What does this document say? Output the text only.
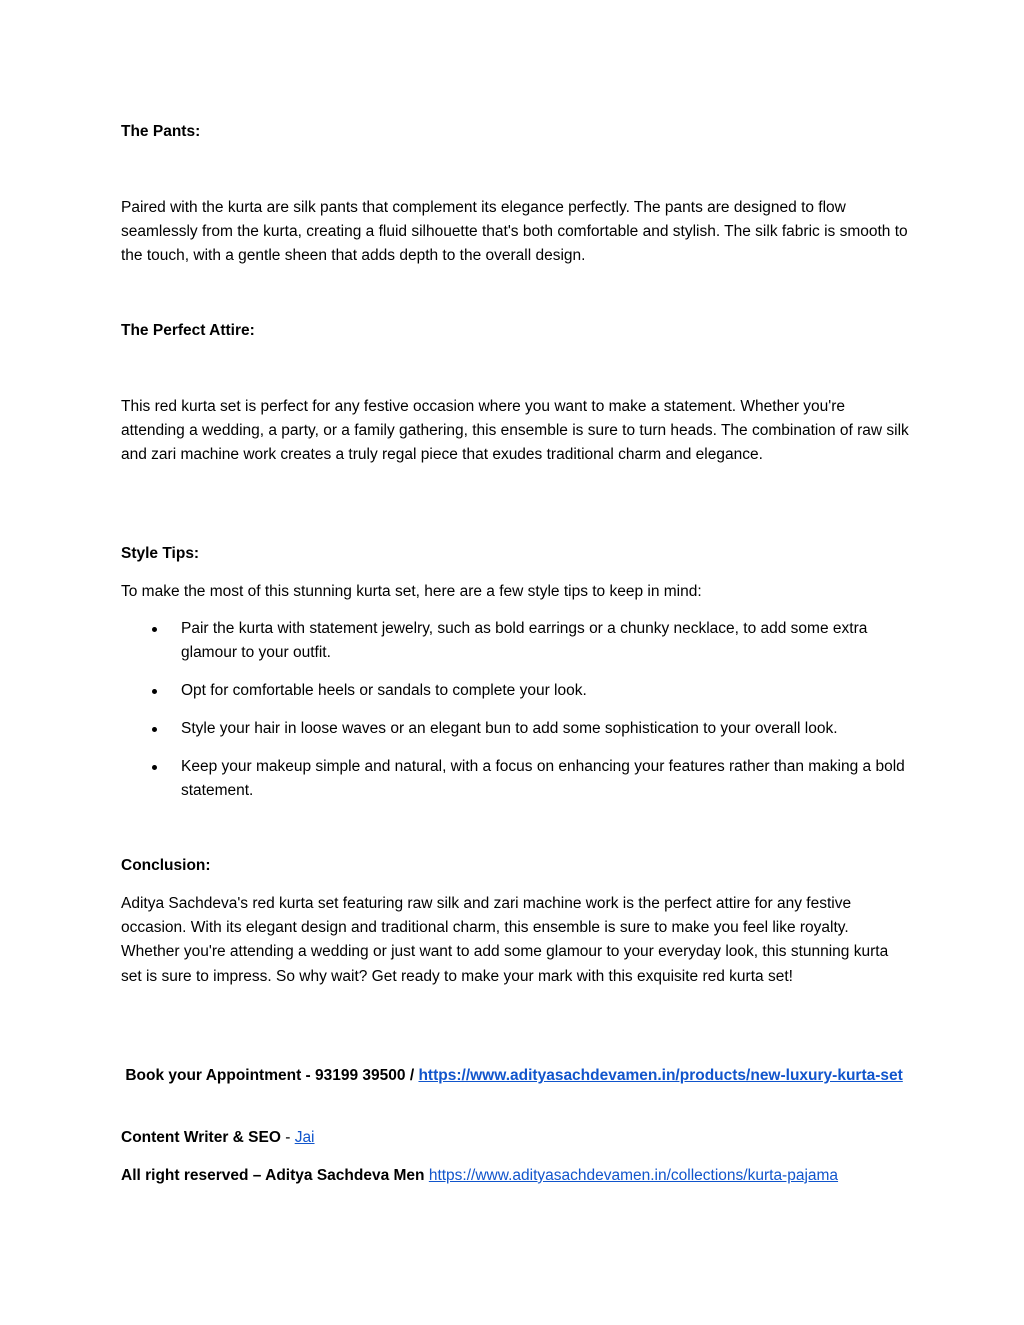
The Pants:

Paired with the kurta are silk pants that complement its elegance perfectly. The pants are designed to flow seamlessly from the kurta, creating a fluid silhouette that's both comfortable and stylish. The silk fabric is smooth to the touch, with a gentle sheen that adds depth to the overall design.

The Perfect Attire:

This red kurta set is perfect for any festive occasion where you want to make a statement. Whether you're attending a wedding, a party, or a family gathering, this ensemble is sure to turn heads. The combination of raw silk and zari machine work creates a truly regal piece that exudes traditional charm and elegance.

Style Tips:

To make the most of this stunning kurta set, here are a few style tips to keep in mind:

Pair the kurta with statement jewelry, such as bold earrings or a chunky necklace, to add some extra glamour to your outfit.
Opt for comfortable heels or sandals to complete your look.
Style your hair in loose waves or an elegant bun to add some sophistication to your overall look.
Keep your makeup simple and natural, with a focus on enhancing your features rather than making a bold statement.

Conclusion:

Aditya Sachdeva's red kurta set featuring raw silk and zari machine work is the perfect attire for any festive occasion. With its elegant design and traditional charm, this ensemble is sure to make you feel like royalty. Whether you're attending a wedding or just want to add some glamour to your everyday look, this stunning kurta set is sure to impress. So why wait? Get ready to make your mark with this exquisite red kurta set!

Book your Appointment - 93199 39500 / https://www.adityasachdevamen.in/products/new-luxury-kurta-set

Content Writer & SEO - Jai

All right reserved – Aditya Sachdeva Men https://www.adityasachdevamen.in/collections/kurta-pajama
